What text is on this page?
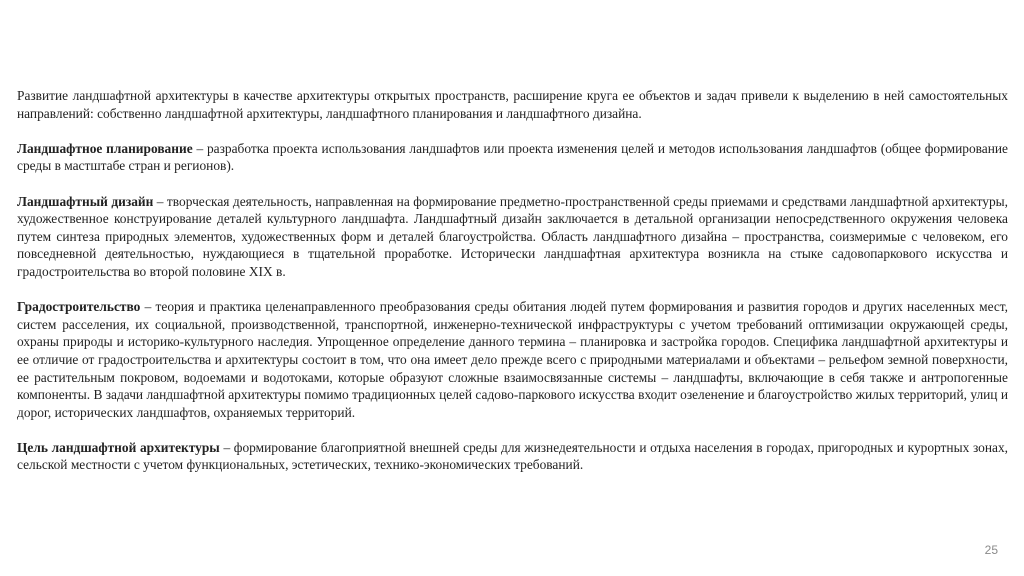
Развитие ландшафтной архитектуры в качестве архитектуры открытых пространств, расширение круга ее объектов и задач привели к выделению в ней самостоятельных направлений: собственно ландшафтной архитектуры, ландшафтного планирования и ландшафтного дизайна.

Ландшафтное планирование – разработка проекта использования ландшафтов или проекта изменения целей и методов использования ландшафтов (общее формирование среды в мастштабе стран и регионов).

Ландшафтный дизайн – творческая деятельность, направленная на формирование предметно-пространственной среды приемами и средствами ландшафтной архитектуры, художественное конструирование деталей культурного ландшафта. Ландшафтный дизайн заключается в детальной организации непосредственного окружения человека путем синтеза природных элементов, художественных форм и деталей благоустройства. Область ландшафтного дизайна – пространства, соизмеримые с человеком, его повседневной деятельностью, нуждающиеся в тщательной проработке. Исторически ландшафтная архитектура возникла на стыке садовопаркового искусства и градостроительства во второй половине XIX в.

Градостроительство – теория и практика целенаправленного преобразования среды обитания людей путем формирования и развития городов и других населенных мест, систем расселения, их социальной, производственной, транспортной, инженерно-технической инфраструктуры с учетом требований оптимизации окружающей среды, охраны природы и историко-культурного наследия. Упрощенное определение данного термина – планировка и застройка городов. Специфика ландшафтной архитектуры и ее отличие от градостроительства и архитектуры состоит в том, что она имеет дело прежде всего с природными материалами и объектами – рельефом земной поверхности, ее растительным покровом, водоемами и водотоками, которые образуют сложные взаимосвязанные системы – ландшафты, включающие в себя также и антропогенные компоненты. В задачи ландшафтной архитектуры помимо традиционных целей садово-паркового искусства входит озеленение и благоустройство жилых территорий, улиц и дорог, исторических ландшафтов, охраняемых территорий.

Цель ландшафтной архитектуры – формирование благоприятной внешней среды для жизнедеятельности и отдыха населения в городах, пригородных и курортных зонах, сельской местности с учетом функциональных, эстетических, технико-экономических требований.

25
